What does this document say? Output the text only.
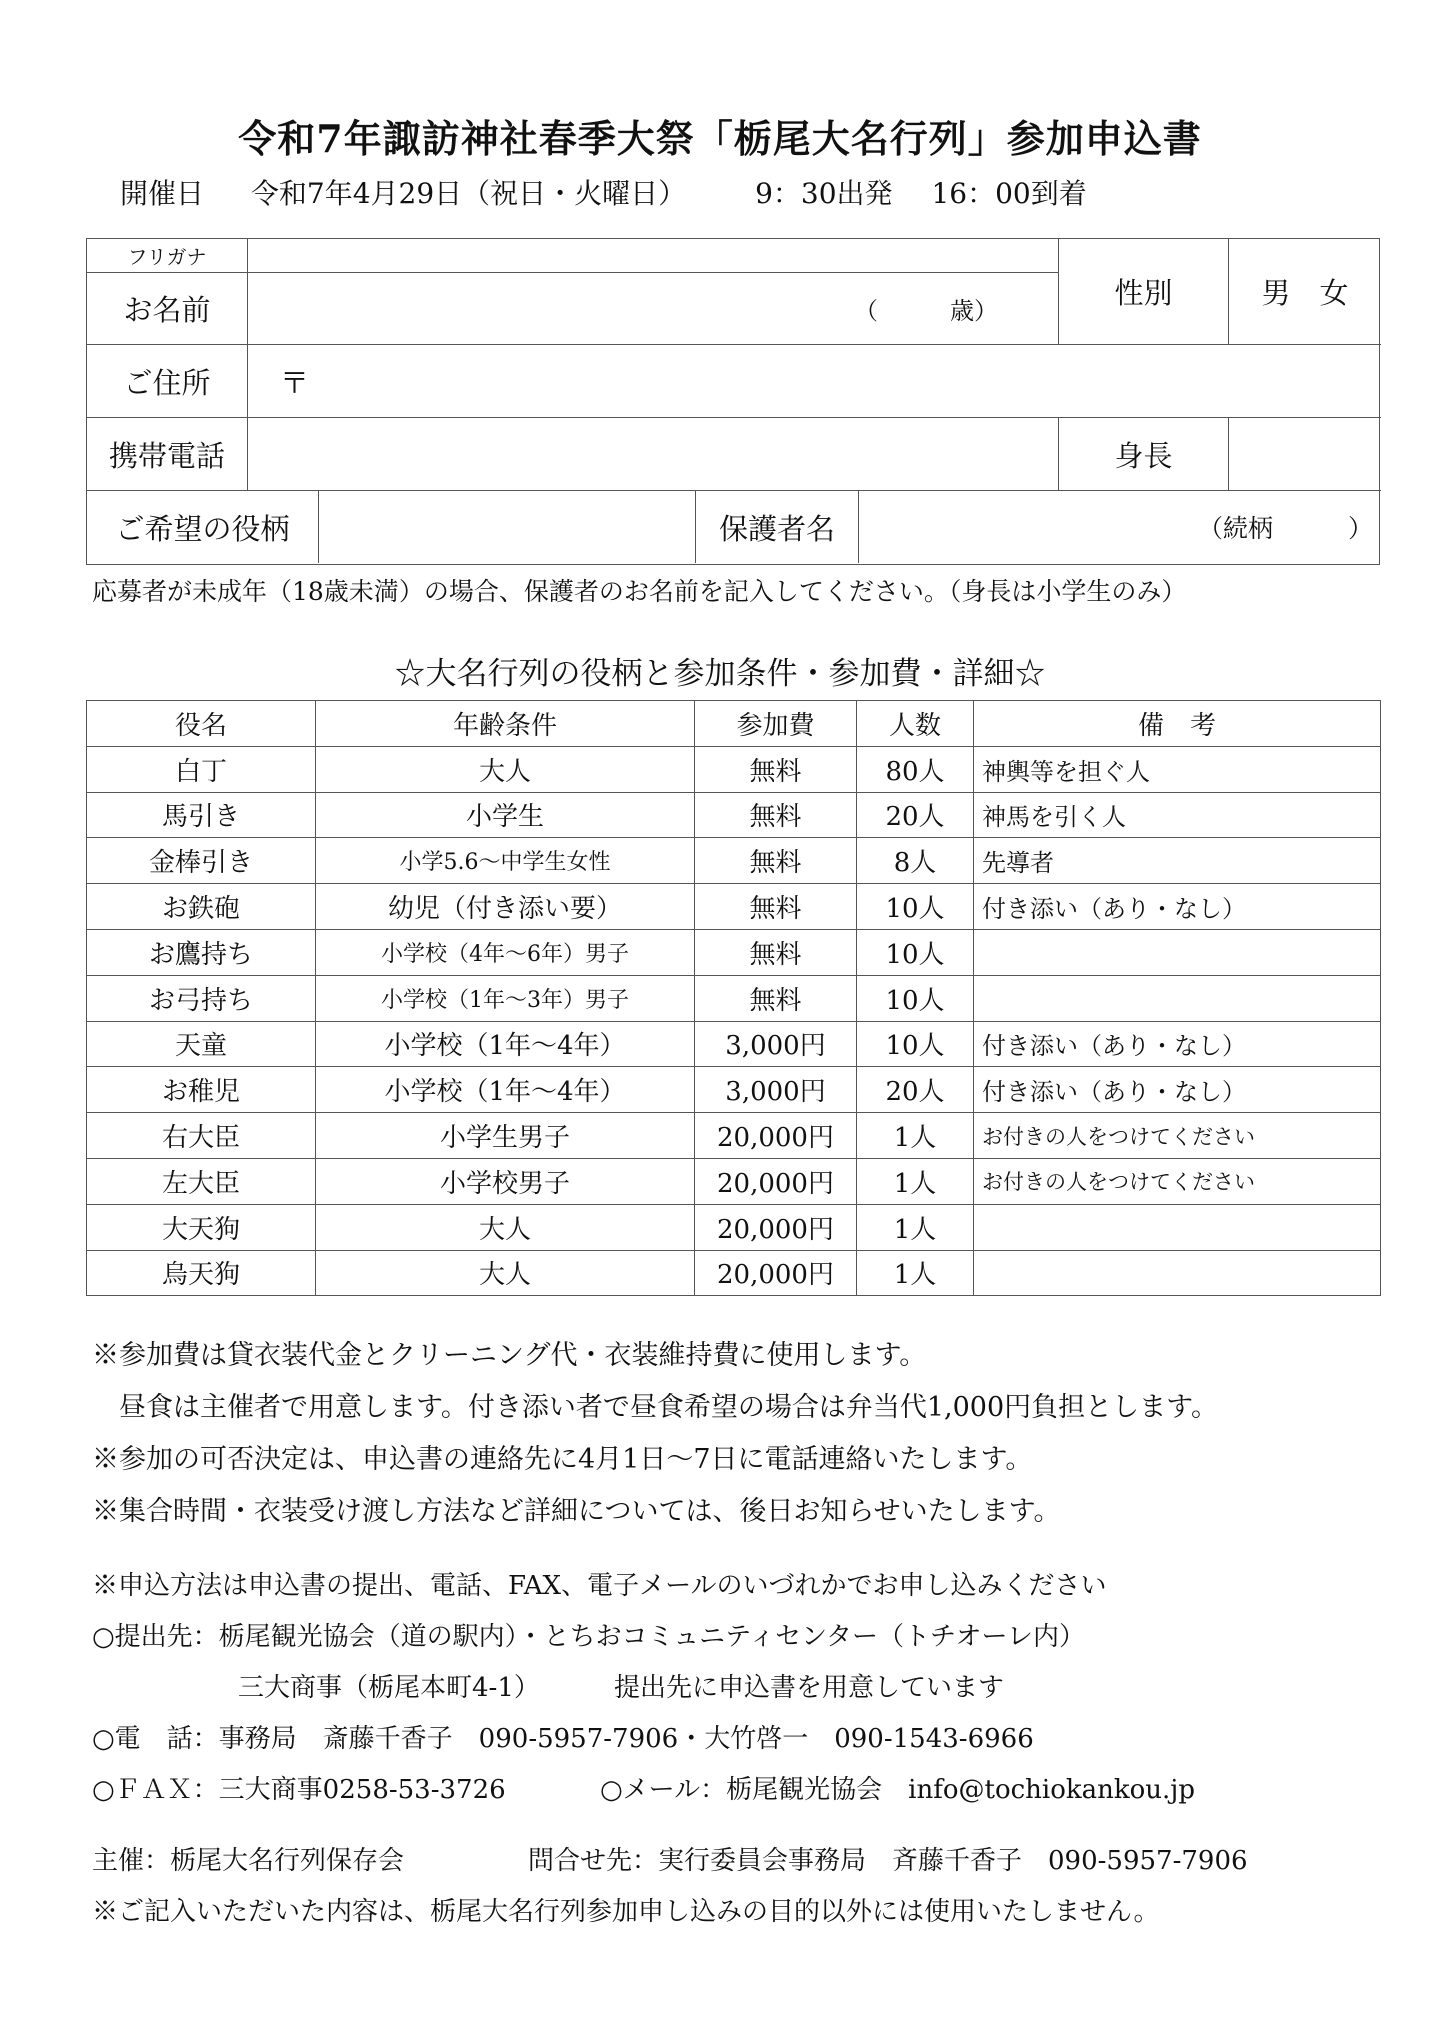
令和7年諏訪神社春季大祭「栃尾大名行列」参加申込書
開催日 令和7年4月29日（祝日・火曜日） 9：30出発 16：00到着
フリガナ
お名前	（　　　歳）
性別	男　女
ご住所	〒
携帯電話	身長
ご希望の役柄	保護者名	（続柄　　　）
応募者が未成年（18歳未満）の場合、保護者のお名前を記入してください。（身長は小学生のみ）
☆大名行列の役柄と参加条件・参加費・詳細☆
役名	年齢条件	参加費	人数	備　考
白丁	大人	無料	80人	神輿等を担ぐ人
馬引き	小学生	無料	20人	神馬を引く人
金棒引き	小学5.6〜中学生女性	無料	8人	先導者
お鉄砲	幼児（付き添い要）	無料	10人	付き添い（あり・なし）
お鷹持ち	小学校（4年〜6年）男子	無料	10人	
お弓持ち	小学校（1年〜3年）男子	無料	10人	
天童	小学校（1年〜4年）	3,000円	10人	付き添い（あり・なし）
お稚児	小学校（1年〜4年）	3,000円	20人	付き添い（あり・なし）
右大臣	小学生男子	20,000円	1人	お付きの人をつけてください
左大臣	小学校男子	20,000円	1人	お付きの人をつけてください
大天狗	大人	20,000円	1人	
烏天狗	大人	20,000円	1人	
※参加費は貸衣装代金とクリーニング代・衣装維持費に使用します。
　昼食は主催者で用意します。付き添い者で昼食希望の場合は弁当代1,000円負担とします。
※参加の可否決定は、申込書の連絡先に4月1日〜7日に電話連絡いたします。
※集合時間・衣装受け渡し方法など詳細については、後日お知らせいたします。
※申込方法は申込書の提出、電話、FAX、電子メールのいづれかでお申し込みください
○提出先：栃尾観光協会（道の駅内）・とちおコミュニティセンター（トチオーレ内）
三大商事（栃尾本町4-1）	提出先に申込書を用意しています
○電　話：事務局　斎藤千香子　090-5957-7906・大竹啓一　090-1543-6966
○ＦＡＸ：三大商事0258-53-3726	○メール：栃尾観光協会　info@tochiokankou.jp
主催：栃尾大名行列保存会	問合せ先：実行委員会事務局　斉藤千香子　090-5957-7906
※ご記入いただいた内容は、栃尾大名行列参加申し込みの目的以外には使用いたしません。
